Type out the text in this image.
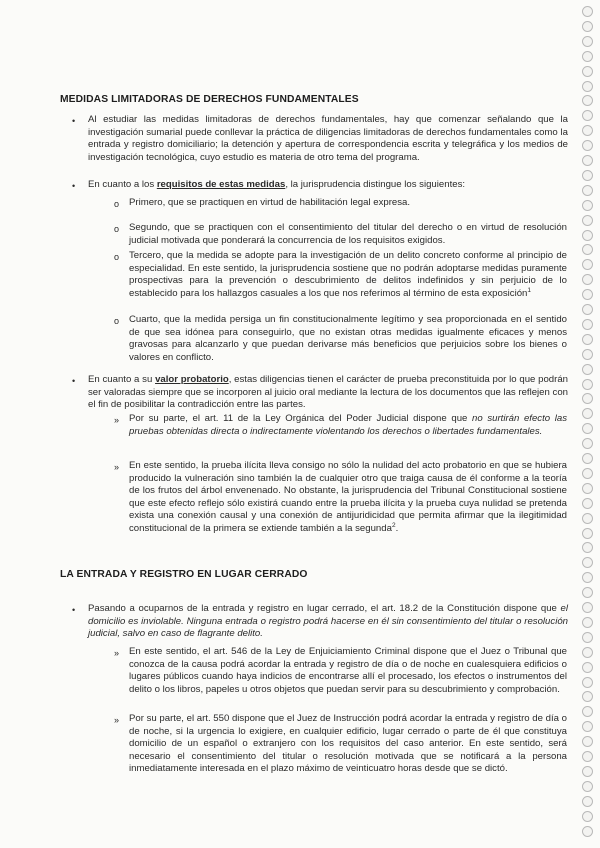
MEDIDAS LIMITADORAS DE DERECHOS FUNDAMENTALES
• Al estudiar las medidas limitadoras de derechos fundamentales, hay que comenzar señalando que la investigación sumarial puede conllevar la práctica de diligencias limitadoras de derechos fundamentales como la entrada y registro domiciliario; la detención y apertura de correspondencia escrita y telegráfica y los medios de investigación tecnológica, cuyo estudio es materia de otro tema del programa.
• En cuanto a los requisitos de estas medidas, la jurisprudencia distingue los siguientes:
o Primero, que se practiquen en virtud de habilitación legal expresa.
o Segundo, que se practiquen con el consentimiento del titular del derecho o en virtud de resolución judicial motivada que ponderará la concurrencia de los requisitos exigidos.
o Tercero, que la medida se adopte para la investigación de un delito concreto conforme al principio de especialidad. En este sentido, la jurisprudencia sostiene que no podrán adoptarse medidas puramente prospectivas para la prevención o descubrimiento de delitos indefinidos y sin perjuicio de lo establecido para los hallazgos casuales a los que nos referimos al término de esta exposición$^1$
o Cuarto, que la medida persiga un fin constitucionalmente legítimo y sea proporcionada en el sentido de que sea idónea para conseguirlo, que no existan otras medidas igualmente eficaces y menos gravosas para alcanzarlo y que puedan derivarse más beneficios que perjuicios sobre los bienes o valores en conflicto.
• En cuanto a su valor probatorio, estas diligencias tienen el carácter de prueba preconstituida por lo que podrán ser valoradas siempre que se incorporen al juicio oral mediante la lectura de los documentos que las reflejen con el fin de posibilitar la contradicción entre las partes.
» Por su parte, el art. 11 de la Ley Orgánica del Poder Judicial dispone que no surtirán efecto las pruebas obtenidas directa o indirectamente violentando los derechos o libertades fundamentales.
» En este sentido, la prueba ilícita lleva consigo no sólo la nulidad del acto probatorio en que se hubiera producido la vulneración sino también la de cualquier otro que traiga causa de él conforme a la teoría de los frutos del árbol envenenado. No obstante, la jurisprudencia del Tribunal Constitucional sostiene que este efecto reflejo sólo existirá cuando entre la prueba ilícita y la prueba cuya nulidad se pretenda exista una conexión causal y una conexión de antijuridicidad que permita afirmar que la ilegitimidad constitucional de la primera se extiende también a la segunda$^2$.
LA ENTRADA Y REGISTRO EN LUGAR CERRADO
• Pasando a ocuparnos de la entrada y registro en lugar cerrado, el art. 18.2 de la Constitución dispone que el domicilio es inviolable. Ninguna entrada o registro podrá hacerse en él sin consentimiento del titular o resolución judicial, salvo en caso de flagrante delito.
» En este sentido, el art. 546 de la Ley de Enjuiciamiento Criminal dispone que el Juez o Tribunal que conozca de la causa podrá acordar la entrada y registro de día o de noche en cualesquiera edificios o lugares públicos cuando haya indicios de encontrarse allí el procesado, los efectos o instrumentos del delito o los libros, papeles u otros objetos que puedan servir para su descubrimiento y comprobación.
» Por su parte, el art. 550 dispone que el Juez de Instrucción podrá acordar la entrada y registro de día o de noche, si la urgencia lo exigiere, en cualquier edificio, lugar cerrado o parte de él que constituya domicilio de un español o extranjero con los requisitos del caso anterior. En este sentido, será necesario el consentimiento del titular o resolución motivada que se notificará a la persona inmediatamente interesada en el plazo máximo de veinticuatro horas desde que se dictó.
